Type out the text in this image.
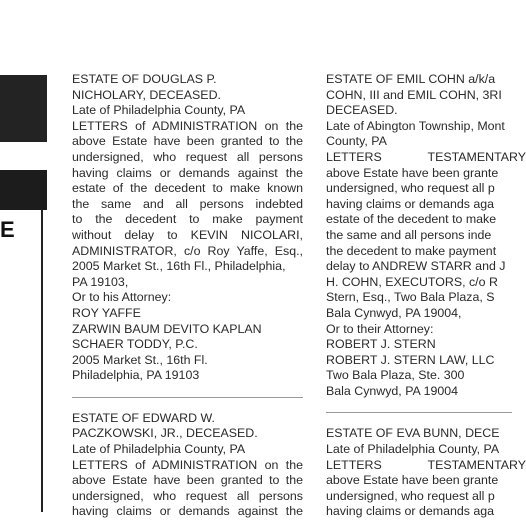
E

ESTATE OF DOUGLAS P.

NICHOLARY, DECEASED.

Late of Philadelphia County, PA

LETTERS of ADMINISTRATION on the

above Estate have been granted to the

undersigned, who request all persons

having claims or demands against the

estate of the decedent to make known

the same and all persons indebted

to the decedent to make payment

without delay to KEVIN NICOLARI,

ADMINISTRATOR, c/o Roy Yaffe, Esq.,

2005 Market St., 16th Fl., Philadelphia,

PA 19103,

Or to his Attorney:

ROY YAFFE

ZARWIN BAUM DEVITO KAPLAN

SCHAER TODDY, P.C.

2005 Market St., 16th Fl.

Philadelphia, PA 19103

ESTATE OF EDWARD W.

PACZKOWSKI, JR., DECEASED.

Late of Philadelphia County, PA

LETTERS of ADMINISTRATION on the

above Estate have been granted to the

undersigned, who request all persons

having claims or demands against the

ESTATE OF EMIL COHN a/k/a

COHN, III and EMIL COHN, 3RI

DECEASED.

Late of Abington Township, Mont

County, PA

LETTERS TESTAMENTARY

above Estate have been grante

undersigned, who request all p

having claims or demands aga

estate of the decedent to make

the same and all persons inde

the decedent to make payment

delay to ANDREW STARR and J

H. COHN, EXECUTORS, c/o R

Stern, Esq., Two Bala Plaza, S

Bala Cynwyd, PA 19004,

Or to their Attorney:

ROBERT J. STERN

ROBERT J. STERN LAW, LLC

Two Bala Plaza, Ste. 300

Bala Cynwyd, PA 19004

ESTATE OF EVA BUNN, DECE

Late of Philadelphia County, PA

LETTERS TESTAMENTARY

above Estate have been grante

undersigned, who request all p

having claims or demands aga
